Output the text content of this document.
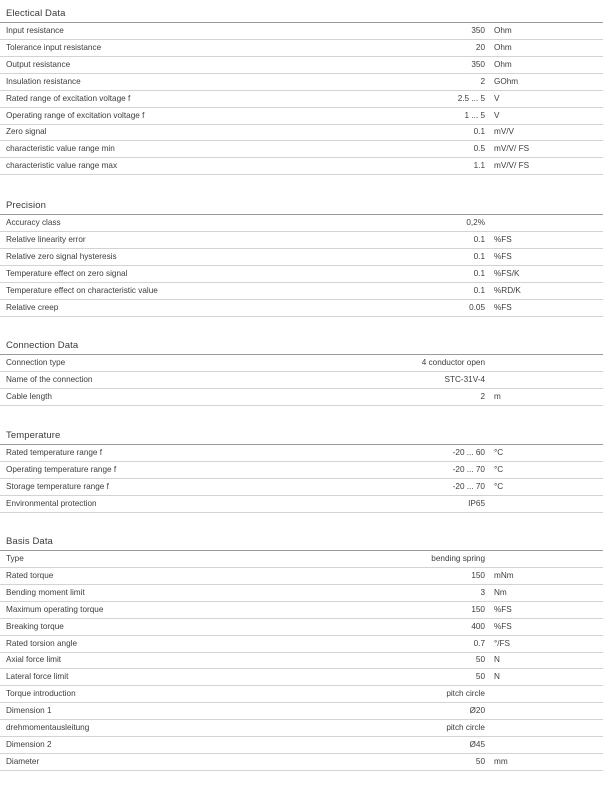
Electical Data
Input resistance	350 Ohm
Tolerance input resistance	20 Ohm
Output resistance	350 Ohm
Insulation resistance	2 GOhm
Rated range of excitation voltage f	2.5 ... 5 V
Operating range of excitation voltage f	1 ... 5 V
Zero signal	0.1 mV/V
characteristic value range min	0.5 mV/V/ FS
characteristic value range max	1.1 mV/V/ FS
Precision
Accuracy class	0,2%
Relative linearity error	0.1 %FS
Relative zero signal hysteresis	0.1 %FS
Temperature effect on zero signal	0.1 %FS/K
Temperature effect on characteristic value	0.1 %RD/K
Relative creep	0.05 %FS
Connection Data
Connection type	4 conductor open
Name of the connection	STC-31V-4
Cable length	2 m
Temperature
Rated temperature range f	-20 ... 60 °C
Operating temperature range f	-20 ... 70 °C
Storage temperature range f	-20 ... 70 °C
Environmental protection	IP65
Basis Data
Type	bending spring
Rated torque	150 mNm
Bending moment limit	3 Nm
Maximum operating torque	150 %FS
Breaking torque	400 %FS
Rated torsion angle	0.7 °/FS
Axial force limit	50 N
Lateral force limit	50 N
Torque introduction	pitch circle
Dimension 1	Ø20
drehmomentausleitung	pitch circle
Dimension 2	Ø45
Diameter	50 mm
